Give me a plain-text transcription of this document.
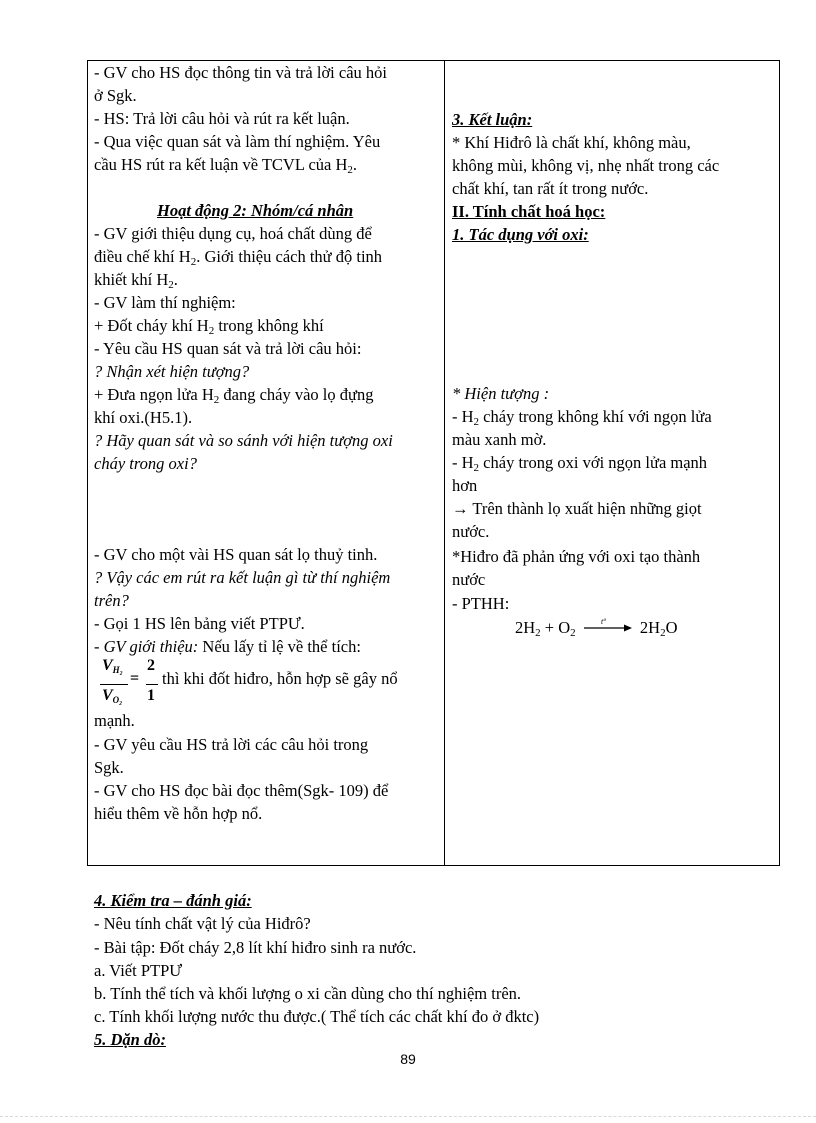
- GV cho HS đọc thông tin và trả lời câu hỏi
ở Sgk.
- HS: Trả lời câu hỏi và rút ra kết luận.
- Qua việc quan sát và làm thí nghiệm. Yêu
cầu HS rút ra kết luận về TCVL của $H_2$.
Hoạt động 2: Nhóm/cá nhân
- GV giới thiệu dụng cụ, hoá chất dùng để
điều chế khí $H_2$. Giới thiệu cách thử độ tinh
khiết khí $H_2$.
- GV làm thí nghiệm:
+ Đốt cháy khí $H_2$ trong không khí
- Yêu cầu HS quan sát và trả lời câu hỏi:
? Nhận xét hiện tượng?
+ Đưa ngọn lửa $H_2$ đang cháy vào lọ đựng
khí oxi.(H5.1).
? Hãy quan sát và so sánh với hiện tượng oxi
cháy trong oxi?
- GV cho một vài HS quan sát lọ thuỷ tinh.
? Vậy các em rút ra kết luận gì từ thí nghiệm
trên?
- Gọi 1 HS lên bảng viết PTPƯ.
- GV giới thiệu: Nếu lấy tỉ lệ về thể tích:
$V_{H_2}$
$V_{O_2}$
=
2
1
thì khi đốt hiđro, hỗn hợp sẽ gây nổ
mạnh.
- GV yêu cầu HS trả lời các câu hỏi trong
Sgk.
- GV cho HS đọc bài đọc thêm(Sgk- 109) để
hiểu thêm về hỗn hợp nổ.
3. Kết luận:
* Khí Hiđrô là chất khí, không màu,
không mùi, không vị, nhẹ nhất trong các
chất khí, tan rất ít trong nước.
II. Tính chất hoá học:
1. Tác dụng với oxi:
* Hiện tượng :
- $H_2$ cháy trong không khí với ngọn lửa
màu xanh mờ.
- $H_2$ cháy trong oxi với ngọn lửa mạnh
hơn
→ Trên thành lọ xuất hiện những giọt
nước.
*Hiđro đã phản ứng với oxi tạo thành
nước
- PTHH:
$2H_2 + O_2$
tº $2H_2O$
4. Kiểm tra – đánh giá:
- Nêu tính chất vật lý của Hiđrô?
- Bài tập: Đốt cháy 2,8 lít khí hiđro sinh ra nước.
a. Viết PTPƯ
b. Tính thể tích và khối lượng o xi cần dùng cho thí nghiệm trên.
c. Tính khối lượng nước thu được.( Thể tích các chất khí đo ở đktc)
5. Dặn dò:
89
